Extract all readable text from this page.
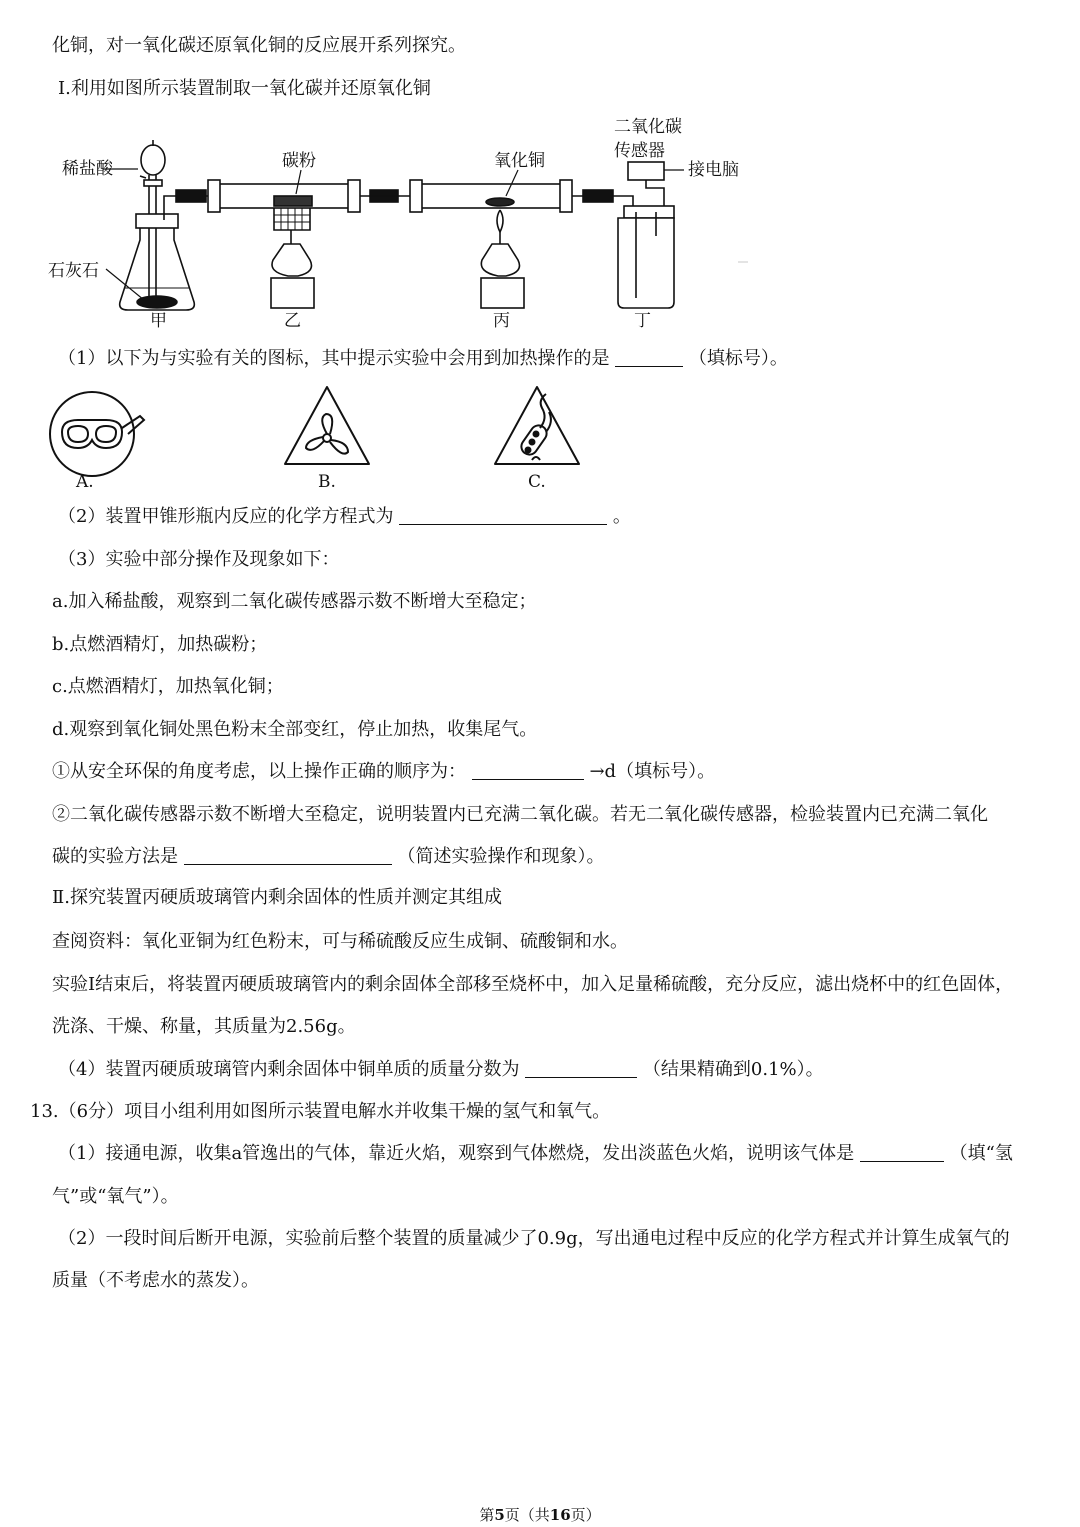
化铜，对一氧化碳还原氧化铜的反应展开系列探究。
Ⅰ.利用如图所示装置制取一氧化碳并还原氧化铜
稀盐酸
石灰石
碳粉	氧化铜
二氧化碳
传感器
接电脑
甲	乙	丙	丁
（1）以下为与实验有关的图标，其中提示实验中会用到加热操作的是	（填标号）。
A.	B.	C.
（2）装置甲锥形瓶内反应的化学方程式为	。
（3）实验中部分操作及现象如下：
a.加入稀盐酸，观察到二氧化碳传感器示数不断增大至稳定；
b.点燃酒精灯，加热碳粉；
c.点燃酒精灯，加热氧化铜；
d.观察到氧化铜处黑色粉末全部变红，停止加热，收集尾气。
①从安全环保的角度考虑，以上操作正确的顺序为：	→d（填标号）。
②二氧化碳传感器示数不断增大至稳定，说明装置内已充满二氧化碳。若无二氧化碳传感器，检验装置内已充满二氧化
碳的实验方法是	（简述实验操作和现象）。
Ⅱ.探究装置丙硬质玻璃管内剩余固体的性质并测定其组成
查阅资料：氧化亚铜为红色粉末，可与稀硫酸反应生成铜、硫酸铜和水。
实验Ⅰ结束后，将装置丙硬质玻璃管内的剩余固体全部移至烧杯中，加入足量稀硫酸，充分反应，滤出烧杯中的红色固体，
洗涤、干燥、称量，其质量为2.56g。
（4）装置丙硬质玻璃管内剩余固体中铜单质的质量分数为	（结果精确到0.1%）。
13.（6分）项目小组利用如图所示装置电解水并收集干燥的氢气和氧气。
（1）接通电源，收集a管逸出的气体，靠近火焰，观察到气体燃烧，发出淡蓝色火焰，说明该气体是	（填“氢
气”或“氧气”）。
（2）一段时间后断开电源，实验前后整个装置的质量减少了0.9g，写出通电过程中反应的化学方程式并计算生成氧气的
质量（不考虑水的蒸发）。
第5页（共16页）
